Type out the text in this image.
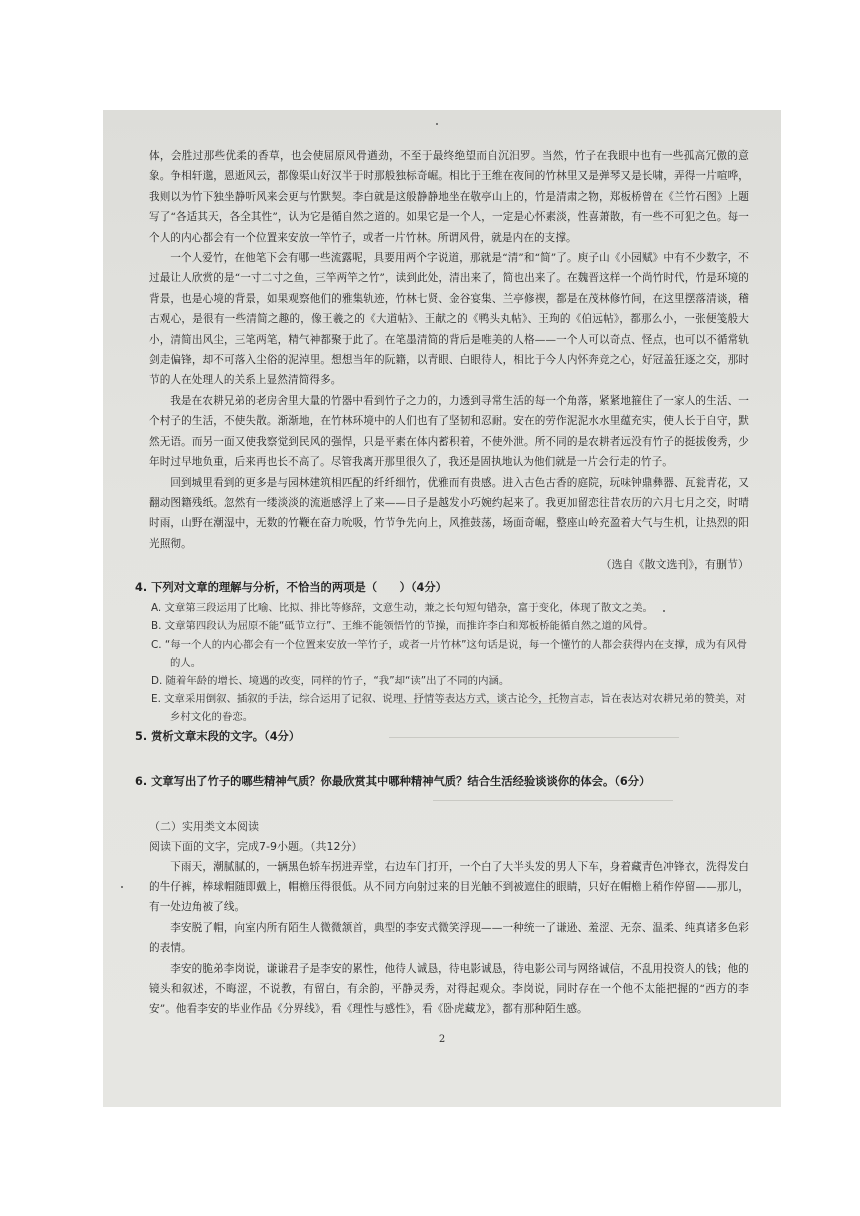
体，会胜过那些优柔的香草，也会使屈原风骨遒劲，不至于最终绝望而自沉汨罗。当然，竹子在我眼中也有一些孤高冗傲的意象。争相轩邈，恩逝风云，都像渠山好汉半于时那般独标奇崛。相比于王维在夜间的竹林里又是弹琴又是长啸，弄得一片喧哗，我则以为竹下独坐静听风来会更与竹默契。李白就是这般静静地坐在敬亭山上的，竹是清肃之物，郑板桥曾在《兰竹石图》上题写了“各适其天，各全其性”，认为它是循自然之道的。如果它是一个人，一定是心怀素淡，性喜萧散，有一些不可犯之色。每一个人的内心都会有一个位置来安放一竿竹子，或者一片竹林。所谓风骨，就是内在的支撑。

一个人爱竹，在他笔下会有哪一些流露呢，具要用两个字说道，那就是“清”和“简”了。庾子山《小园赋》中有不少数字，不过最让人欣赏的是“一寸二寸之鱼，三竿两竿之竹”，读到此处，清出来了，简也出来了。在魏晋这样一个尚竹时代，竹是环境的背景，也是心境的背景，如果观察他们的雅集轨迹，竹林七贤、金谷宴集、兰亭修禊，都是在茂林修竹间，在这里摆落清谈，稽古观心，是很有一些清简之趣的，像王羲之的《大道帖》、王献之的《鸭头丸帖》、王珣的《伯远帖》，都那么小，一张便笺般大小，清简出风尘，三笔两笔，精气神都聚于此了。在笔墨清简的背后是唯美的人格——一个人可以奇点、怪点，也可以不循常轨剑走偏锋，却不可落入尘俗的泥淖里。想想当年的阮籍，以青眼、白眼待人，相比于今人内怀奔竞之心，好冠盖狂逐之交，那时节的人在处理人的关系上显然清简得多。

我是在农耕兄弟的老房舍里大量的竹器中看到竹子之力的，力透到寻常生活的每一个角落，紧紧地箍住了一家人的生活、一个村子的生活，不使失散。渐渐地，在竹林环境中的人们也有了坚韧和忍耐。安在的劳作泥泥水水里蕴充实，使人长于自守，默然无语。而另一面又使我察觉到民风的强悍，只是平素在体内蓄积着，不使外泄。所不同的是农耕者远没有竹子的挺拔俊秀，少年时过早地负重，后来再也长不高了。尽管我离开那里很久了，我还是固执地认为他们就是一片会行走的竹子。

回到城里看到的更多是与园林建筑相匹配的纤纤细竹，优雅而有贵感。进入古色古香的庭院，玩味钟鼎彝器、瓦瓮青花，又翻动图籍残纸。忽然有一缕淡淡的流逝感浮上了来——日子是越发小巧婉约起来了。我更加留恋往昔农历的六月七月之交，时晴时雨，山野在潮湿中，无数的竹鞭在奋力吮吸，竹节争先向上，风推鼓荡，场面奇崛，整座山岭充盈着大气与生机，让热烈的阳光照彻。

（选自《散文选刊》，有删节）

4. 下列对文章的理解与分析，不恰当的两项是（　　）（4分）

A. 文章第三段运用了比喻、比拟、排比等修辞，文意生动，兼之长句短句错杂，富于变化，体现了散文之美。
B. 文章第四段认为屈原不能“砥节立行”、王维不能领悟竹的节操，而推许李白和郑板桥能循自然之道的风骨。
C. “每一个人的内心都会有一个位置来安放一竿竹子，或者一片竹林”这句话是说，每一个懂竹的人都会获得内在支撑，成为有风骨的人。
D. 随着年龄的增长、境遇的改变，同样的竹子，“我”却“读”出了不同的内涵。
E. 文章采用倒叙、插叙的手法，综合运用了记叙、说理、抒情等表达方式，谈古论今，托物言志，旨在表达对农耕兄弟的赞美，对乡村文化的眷恋。

5. 赏析文章末段的文字。（4分）

6. 文章写出了竹子的哪些精神气质？你最欣赏其中哪种精神气质？结合生活经验谈谈你的体会。（6分）

（二）实用类文本阅读

阅读下面的文字，完成7-9小题。（共12分）

下雨天，潮腻腻的，一辆黑色轿车拐进弄堂，右边车门打开，一个白了大半头发的男人下车，身着藏青色冲锋衣，洗得发白的牛仔裤，棒球帽随即戴上，帽檐压得很低。从不同方向射过来的目光触不到被遮住的眼睛，只好在帽檐上稍作停留——那儿，有一处边角被了线。

李安脱了帽，向室内所有陌生人微微颔首，典型的李安式微笑浮现——一种统一了谦逊、羞涩、无奈、温柔、纯真诸多色彩的表情。

李安的脆弟李岗说，谦谦君子是李安的累性，他待人诚恳，待电影诚恳，待电影公司与网络诚信，不乱用投资人的钱；他的镜头和叙述，不晦涩，不说教，有留白，有余韵，平静灵秀，对得起观众。李岗说，同时存在一个他不太能把握的“西方的李安”。他看李安的毕业作品《分界线》，看《理性与感性》，看《卧虎藏龙》，都有那种陌生感。

2
